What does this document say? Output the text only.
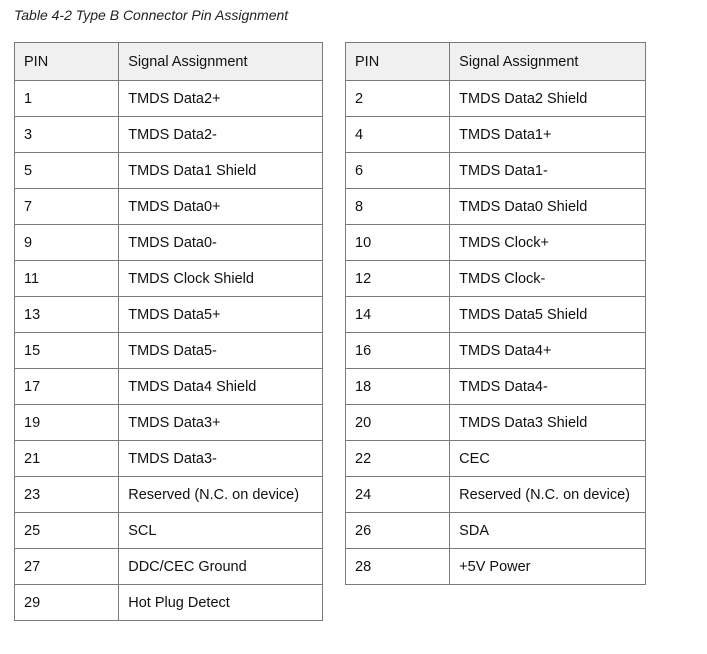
Table 4-2 Type B Connector Pin Assignment
PIN	Signal Assignment
1	TMDS Data2+
3	TMDS Data2-
5	TMDS Data1 Shield
7	TMDS Data0+
9	TMDS Data0-
11	TMDS Clock Shield
13	TMDS Data5+
15	TMDS Data5-
17	TMDS Data4 Shield
19	TMDS Data3+
21	TMDS Data3-
23	Reserved (N.C. on device)
25	SCL
27	DDC/CEC Ground
29	Hot Plug Detect
PIN	Signal Assignment
2	TMDS Data2 Shield
4	TMDS Data1+
6	TMDS Data1-
8	TMDS Data0 Shield
10	TMDS Clock+
12	TMDS Clock-
14	TMDS Data5 Shield
16	TMDS Data4+
18	TMDS Data4-
20	TMDS Data3 Shield
22	CEC
24	Reserved (N.C. on device)
26	SDA
28	+5V Power
